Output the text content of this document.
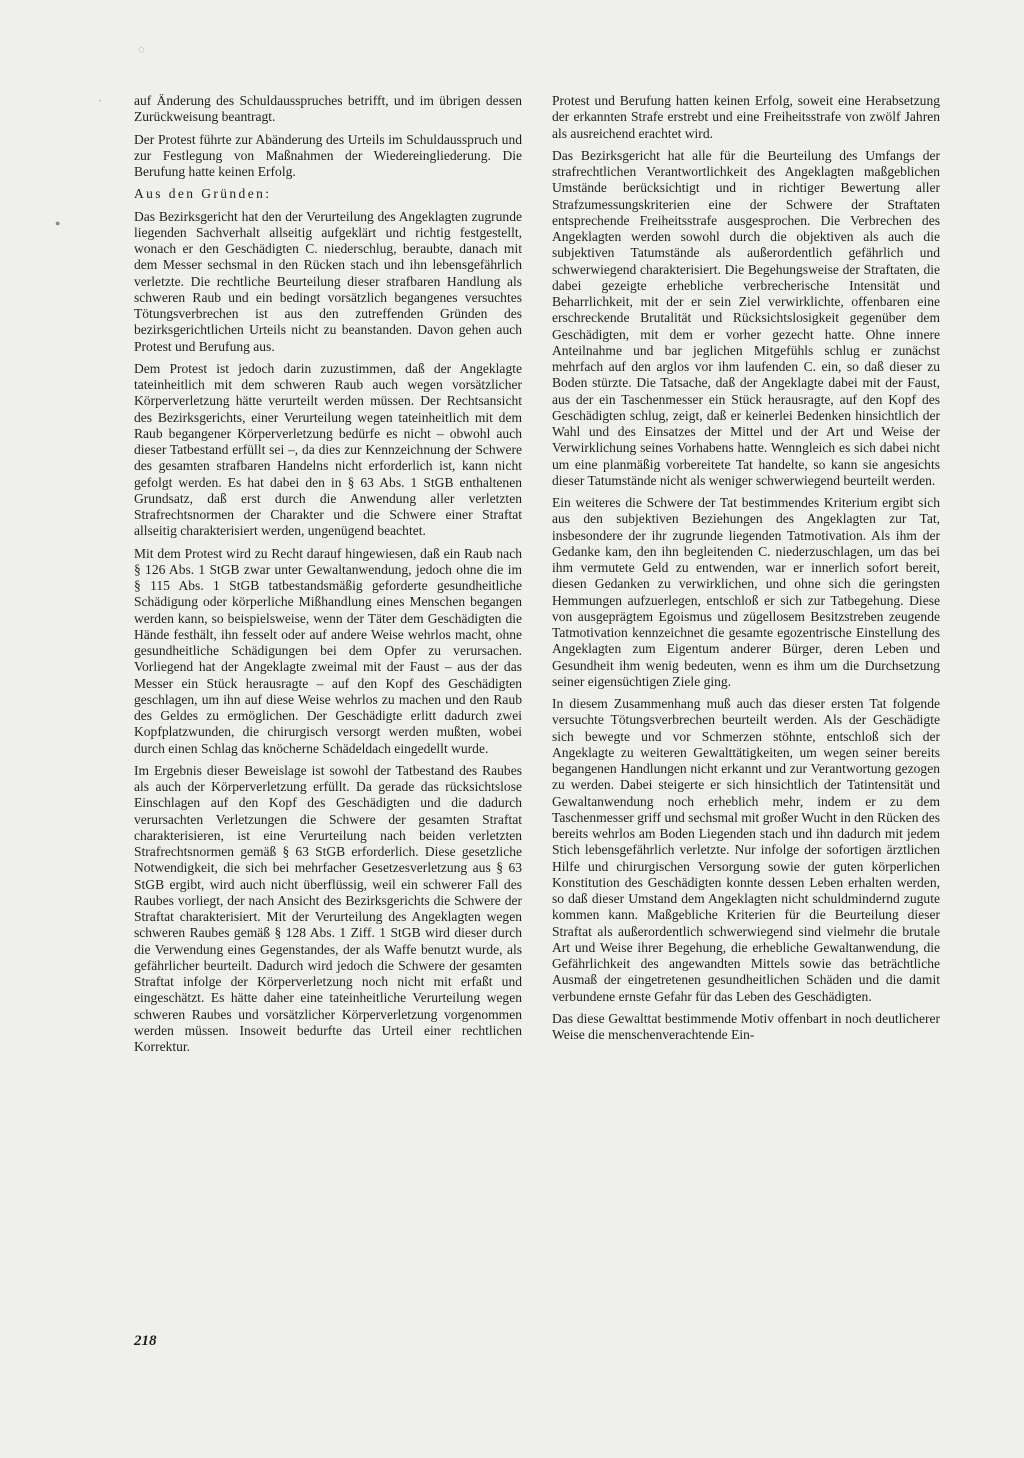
◌
ˎ
●

auf Änderung des Schuldausspruches betrifft, und im übrigen dessen Zurückweisung beantragt.

Der Protest führte zur Abänderung des Urteils im Schuldausspruch und zur Festlegung von Maßnahmen der Wiedereingliederung. Die Berufung hatte keinen Erfolg.

Aus den Gründen:

Das Bezirksgericht hat den der Verurteilung des Angeklagten zugrunde liegenden Sachverhalt allseitig aufgeklärt und richtig festgestellt, wonach er den Geschädigten C. niederschlug, beraubte, danach mit dem Messer sechsmal in den Rücken stach und ihn lebensgefährlich verletzte. Die rechtliche Beurteilung dieser strafbaren Handlung als schweren Raub und ein bedingt vorsätzlich begangenes versuchtes Tötungsverbrechen ist aus den zutreffenden Gründen des bezirksgerichtlichen Urteils nicht zu beanstanden. Davon gehen auch Protest und Berufung aus.

Dem Protest ist jedoch darin zuzustimmen, daß der Angeklagte tateinheitlich mit dem schweren Raub auch wegen vorsätzlicher Körperverletzung hätte verurteilt werden müssen. Der Rechtsansicht des Bezirksgerichts, einer Verurteilung wegen tateinheitlich mit dem Raub begangener Körperverletzung bedürfe es nicht – obwohl auch dieser Tatbestand erfüllt sei –, da dies zur Kennzeichnung der Schwere des gesamten strafbaren Handelns nicht erforderlich ist, kann nicht gefolgt werden. Es hat dabei den in § 63 Abs. 1 StGB enthaltenen Grundsatz, daß erst durch die Anwendung aller verletzten Strafrechtsnormen der Charakter und die Schwere einer Straftat allseitig charakterisiert werden, ungenügend beachtet.

Mit dem Protest wird zu Recht darauf hingewiesen, daß ein Raub nach § 126 Abs. 1 StGB zwar unter Gewaltanwendung, jedoch ohne die im § 115 Abs. 1 StGB tatbestandsmäßig geforderte gesundheitliche Schädigung oder körperliche Mißhandlung eines Menschen begangen werden kann, so beispielsweise, wenn der Täter dem Geschädigten die Hände festhält, ihn fesselt oder auf andere Weise wehrlos macht, ohne gesundheitliche Schädigungen bei dem Opfer zu verursachen. Vorliegend hat der Angeklagte zweimal mit der Faust – aus der das Messer ein Stück herausragte – auf den Kopf des Geschädigten geschlagen, um ihn auf diese Weise wehrlos zu machen und den Raub des Geldes zu ermöglichen. Der Geschädigte erlitt dadurch zwei Kopfplatzwunden, die chirurgisch versorgt werden mußten, wobei durch einen Schlag das knöcherne Schädeldach eingedellt wurde.

Im Ergebnis dieser Beweislage ist sowohl der Tatbestand des Raubes als auch der Körperverletzung erfüllt. Da gerade das rücksichtslose Einschlagen auf den Kopf des Geschädigten und die dadurch verursachten Verletzungen die Schwere der gesamten Straftat charakterisieren, ist eine Verurteilung nach beiden verletzten Strafrechtsnormen gemäß § 63 StGB erforderlich. Diese gesetzliche Notwendigkeit, die sich bei mehrfacher Gesetzesverletzung aus § 63 StGB ergibt, wird auch nicht überflüssig, weil ein schwerer Fall des Raubes vorliegt, der nach Ansicht des Bezirksgerichts die Schwere der Straftat charakterisiert. Mit der Verurteilung des Angeklagten wegen schweren Raubes gemäß § 128 Abs. 1 Ziff. 1 StGB wird dieser durch die Verwendung eines Gegenstandes, der als Waffe benutzt wurde, als gefährlicher beurteilt. Dadurch wird jedoch die Schwere der gesamten Straftat infolge der Körperverletzung noch nicht mit erfaßt und eingeschätzt. Es hätte daher eine tateinheitliche Verurteilung wegen schweren Raubes und vorsätzlicher Körperverletzung vorgenommen werden müssen. Insoweit bedurfte das Urteil einer rechtlichen Korrektur.

Protest und Berufung hatten keinen Erfolg, soweit eine Herabsetzung der erkannten Strafe erstrebt und eine Freiheitsstrafe von zwölf Jahren als ausreichend erachtet wird.

Das Bezirksgericht hat alle für die Beurteilung des Umfangs der strafrechtlichen Verantwortlichkeit des Angeklagten maßgeblichen Umstände berücksichtigt und in richtiger Bewertung aller Strafzumessungskriterien eine der Schwere der Straftaten entsprechende Freiheitsstrafe ausgesprochen. Die Verbrechen des Angeklagten werden sowohl durch die objektiven als auch die subjektiven Tatumstände als außerordentlich gefährlich und schwerwiegend charakterisiert. Die Begehungsweise der Straftaten, die dabei gezeigte erhebliche verbrecherische Intensität und Beharrlichkeit, mit der er sein Ziel verwirklichte, offenbaren eine erschreckende Brutalität und Rücksichtslosigkeit gegenüber dem Geschädigten, mit dem er vorher gezecht hatte. Ohne innere Anteilnahme und bar jeglichen Mitgefühls schlug er zunächst mehrfach auf den arglos vor ihm laufenden C. ein, so daß dieser zu Boden stürzte. Die Tatsache, daß der Angeklagte dabei mit der Faust, aus der ein Taschenmesser ein Stück herausragte, auf den Kopf des Geschädigten schlug, zeigt, daß er keinerlei Bedenken hinsichtlich der Wahl und des Einsatzes der Mittel und der Art und Weise der Verwirklichung seines Vorhabens hatte. Wenngleich es sich dabei nicht um eine planmäßig vorbereitete Tat handelte, so kann sie angesichts dieser Tatumstände nicht als weniger schwerwiegend beurteilt werden.

Ein weiteres die Schwere der Tat bestimmendes Kriterium ergibt sich aus den subjektiven Beziehungen des Angeklagten zur Tat, insbesondere der ihr zugrunde liegenden Tatmotivation. Als ihm der Gedanke kam, den ihn begleitenden C. niederzuschlagen, um das bei ihm vermutete Geld zu entwenden, war er innerlich sofort bereit, diesen Gedanken zu verwirklichen, und ohne sich die geringsten Hemmungen aufzuerlegen, entschloß er sich zur Tatbegehung. Diese von ausgeprägtem Egoismus und zügellosem Besitzstreben zeugende Tatmotivation kennzeichnet die gesamte egozentrische Einstellung des Angeklagten zum Eigentum anderer Bürger, deren Leben und Gesundheit ihm wenig bedeuten, wenn es ihm um die Durchsetzung seiner eigensüchtigen Ziele ging.

In diesem Zusammenhang muß auch das dieser ersten Tat folgende versuchte Tötungsverbrechen beurteilt werden. Als der Geschädigte sich bewegte und vor Schmerzen stöhnte, entschloß sich der Angeklagte zu weiteren Gewalttätigkeiten, um wegen seiner bereits begangenen Handlungen nicht erkannt und zur Verantwortung gezogen zu werden. Dabei steigerte er sich hinsichtlich der Tatintensität und Gewaltanwendung noch erheblich mehr, indem er zu dem Taschenmesser griff und sechsmal mit großer Wucht in den Rücken des bereits wehrlos am Boden Liegenden stach und ihn dadurch mit jedem Stich lebensgefährlich verletzte. Nur infolge der sofortigen ärztlichen Hilfe und chirurgischen Versorgung sowie der guten körperlichen Konstitution des Geschädigten konnte dessen Leben erhalten werden, so daß dieser Umstand dem Angeklagten nicht schuldmindernd zugute kommen kann. Maßgebliche Kriterien für die Beurteilung dieser Straftat als außerordentlich schwerwiegend sind vielmehr die brutale Art und Weise ihrer Begehung, die erhebliche Gewaltanwendung, die Gefährlichkeit des angewandten Mittels sowie das beträchtliche Ausmaß der eingetretenen gesundheitlichen Schäden und die damit verbundene ernste Gefahr für das Leben des Geschädigten.

Das diese Gewalttat bestimmende Motiv offenbart in noch deutlicherer Weise die menschenverachtende Ein-

218
